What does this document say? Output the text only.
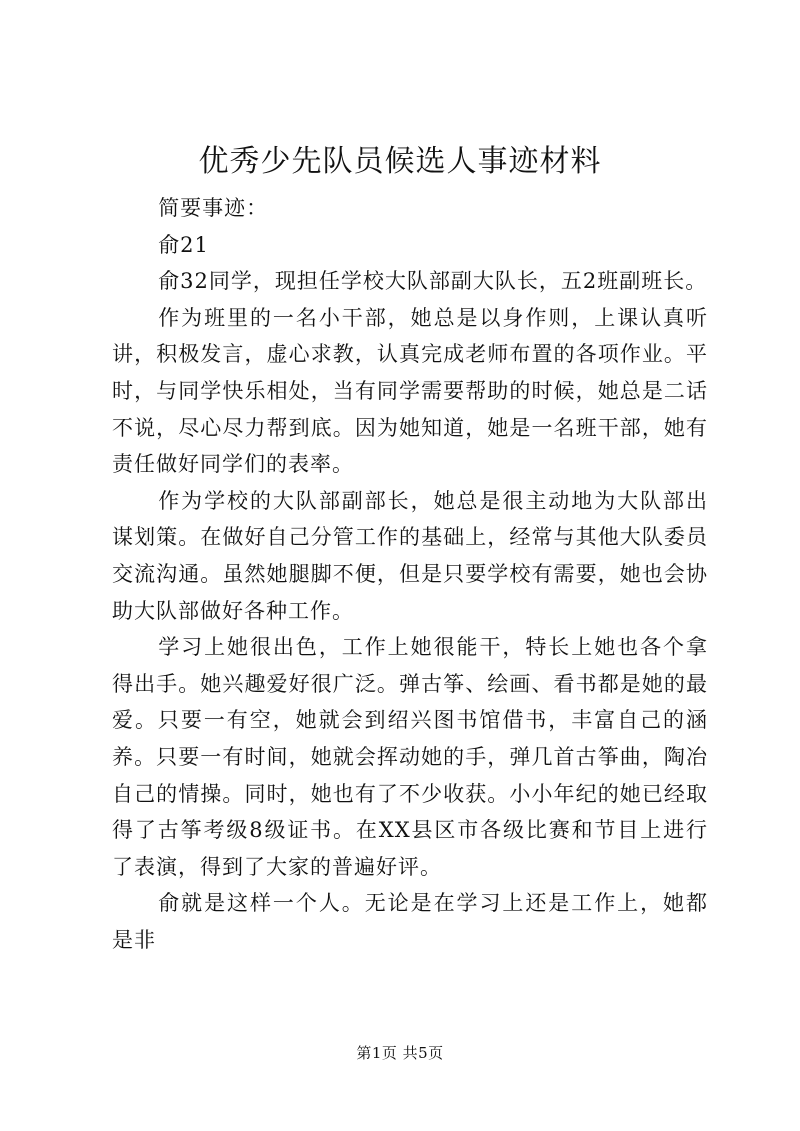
优秀少先队员候选人事迹材料

简要事迹：

俞21

俞32同学，现担任学校大队部副大队长，五2班副班长。

作为班里的一名小干部，她总是以身作则，上课认真听讲，积极发言，虚心求教，认真完成老师布置的各项作业。平时，与同学快乐相处，当有同学需要帮助的时候，她总是二话不说，尽心尽力帮到底。因为她知道，她是一名班干部，她有责任做好同学们的表率。

作为学校的大队部副部长，她总是很主动地为大队部出谋划策。在做好自己分管工作的基础上，经常与其他大队委员交流沟通。虽然她腿脚不便，但是只要学校有需要，她也会协助大队部做好各种工作。

学习上她很出色，工作上她很能干，特长上她也各个拿得出手。她兴趣爱好很广泛。弹古筝、绘画、看书都是她的最爱。只要一有空，她就会到绍兴图书馆借书，丰富自己的涵养。只要一有时间，她就会挥动她的手，弹几首古筝曲，陶冶自己的情操。同时，她也有了不少收获。小小年纪的她已经取得了古筝考级8级证书。在XX县区市各级比赛和节目上进行了表演，得到了大家的普遍好评。

俞就是这样一个人。无论是在学习上还是工作上，她都是非

第1页 共5页
